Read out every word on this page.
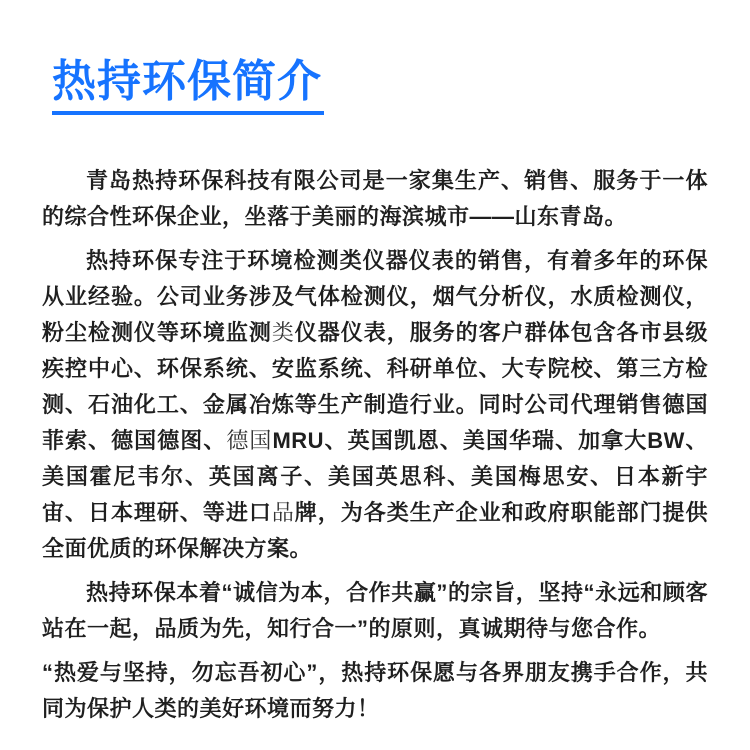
热持环保简介

青岛热持环保科技有限公司是一家集生产、销售、服务于一体的综合性环保企业，坐落于美丽的海滨城市——山东青岛。

热持环保专注于环境检测类仪器仪表的销售，有着多年的环保从业经验。公司业务涉及气体检测仪，烟气分析仪，水质检测仪，粉尘检测仪等环境监测类仪器仪表，服务的客户群体包含各市县级疾控中心、环保系统、安监系统、科研单位、大专院校、第三方检测、石油化工、金属冶炼等生产制造行业。同时公司代理销售德国菲索、德国德图、德国MRU、英国凯恩、美国华瑞、加拿大BW、美国霍尼韦尔、英国离子、美国英思科、美国梅思安、日本新宇宙、日本理研、等进口品牌，为各类生产企业和政府职能部门提供全面优质的环保解决方案。

热持环保本着“诚信为本，合作共赢”的宗旨，坚持“永远和顾客站在一起，品质为先，知行合一”的原则，真诚期待与您合作。

“热爱与坚持，勿忘吾初心”，热持环保愿与各界朋友携手合作，共同为保护人类的美好环境而努力！
